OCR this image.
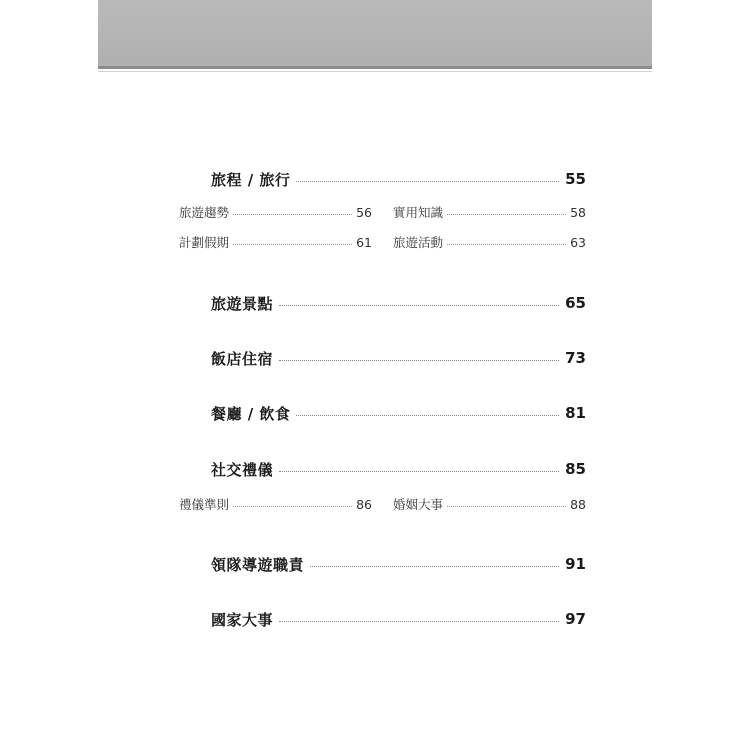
旅程 / 旅行	55
旅遊趨勢	56 實用知識	58
計劃假期	61 旅遊活動	63
旅遊景點	65
飯店住宿	73
餐廳 / 飲食	81
社交禮儀	85
禮儀準則	86 婚姻大事	88
領隊導遊職責	91
國家大事	97
